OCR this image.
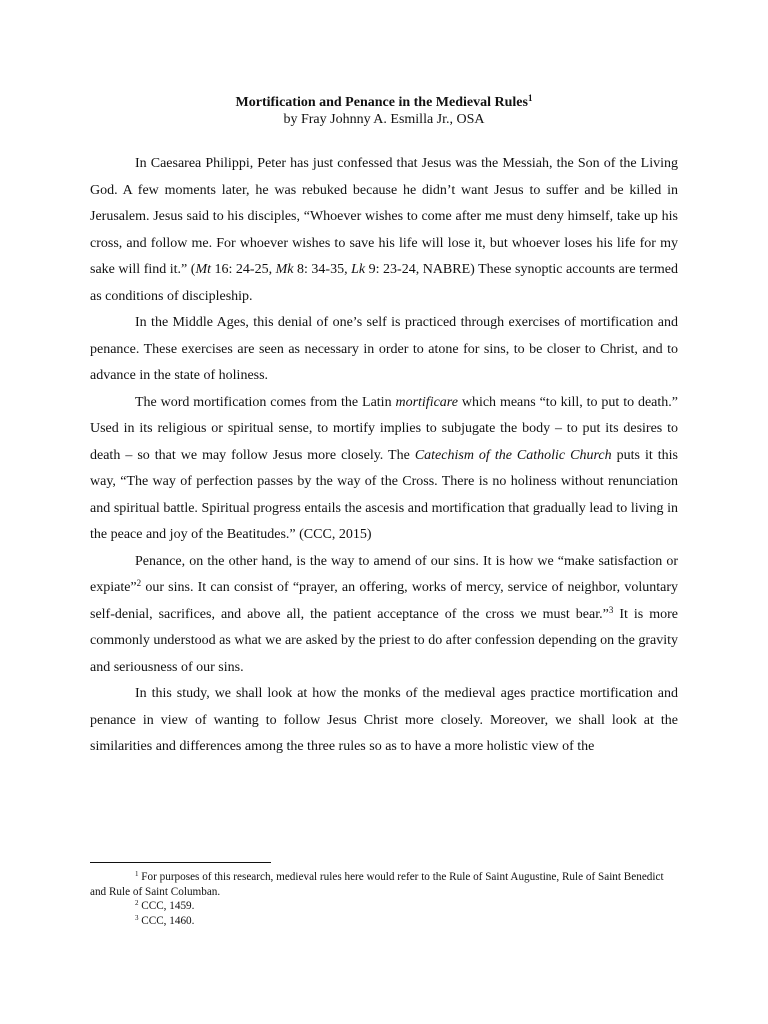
Mortification and Penance in the Medieval Rules$^1$
by Fray Johnny A. Esmilla Jr., OSA

In Caesarea Philippi, Peter has just confessed that Jesus was the Messiah, the Son of the Living God. A few moments later, he was rebuked because he didn’t want Jesus to suffer and be killed in Jerusalem. Jesus said to his disciples, “Whoever wishes to come after me must deny himself, take up his cross, and follow me. For whoever wishes to save his life will lose it, but whoever loses his life for my sake will find it.” (Mt 16: 24-25, Mk 8: 34-35, Lk 9: 23-24, NABRE) These synoptic accounts are termed as conditions of discipleship.

In the Middle Ages, this denial of one’s self is practiced through exercises of mortification and penance. These exercises are seen as necessary in order to atone for sins, to be closer to Christ, and to advance in the state of holiness.

The word mortification comes from the Latin mortificare which means “to kill, to put to death.” Used in its religious or spiritual sense, to mortify implies to subjugate the body – to put its desires to death – so that we may follow Jesus more closely. The Catechism of the Catholic Church puts it this way, “The way of perfection passes by the way of the Cross. There is no holiness without renunciation and spiritual battle. Spiritual progress entails the ascesis and mortification that gradually lead to living in the peace and joy of the Beatitudes.” (CCC, 2015)

Penance, on the other hand, is the way to amend of our sins. It is how we “make satisfaction or expiate”$^2$ our sins. It can consist of “prayer, an offering, works of mercy, service of neighbor, voluntary self-denial, sacrifices, and above all, the patient acceptance of the cross we must bear.”$^3$ It is more commonly understood as what we are asked by the priest to do after confession depending on the gravity and seriousness of our sins.

In this study, we shall look at how the monks of the medieval ages practice mortification and penance in view of wanting to follow Jesus Christ more closely. Moreover, we shall look at the similarities and differences among the three rules so as to have a more holistic view of the

$^1$ For purposes of this research, medieval rules here would refer to the Rule of Saint Augustine, Rule of Saint Benedict and Rule of Saint Columban.

$^2$ CCC, 1459.

$^3$ CCC, 1460.
